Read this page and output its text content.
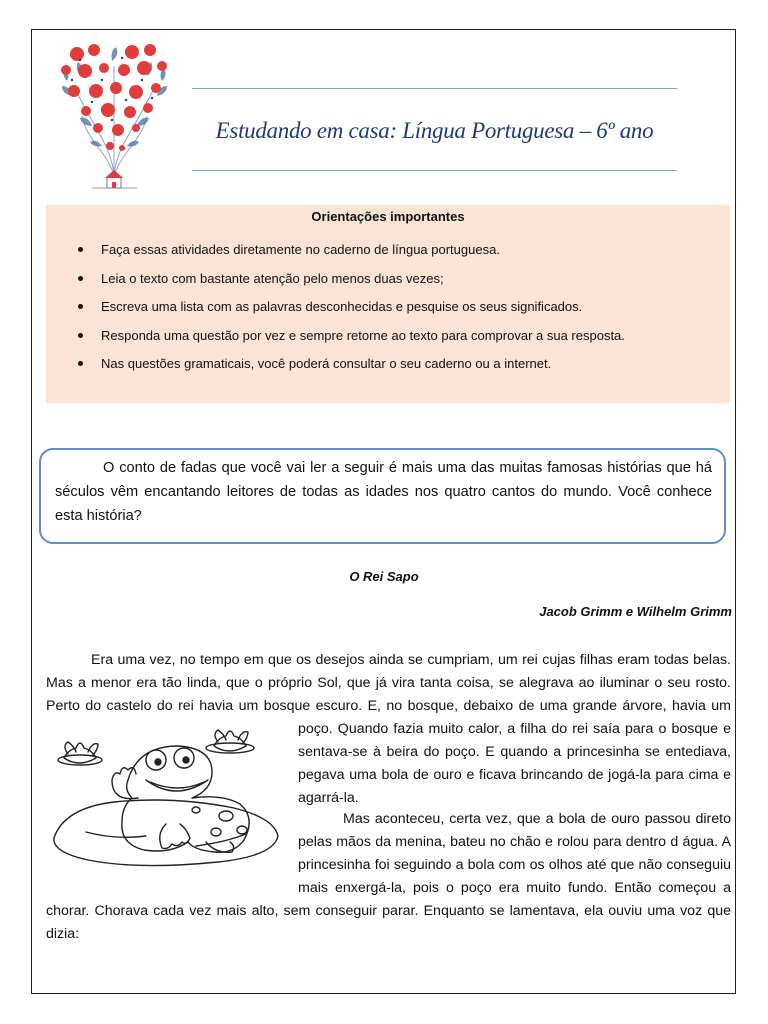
Estudando em casa: Língua Portuguesa – 6º ano
Orientações importantes
Faça essas atividades diretamente no caderno de língua portuguesa.
Leia o texto com bastante atenção pelo menos duas vezes;
Escreva uma lista com as palavras desconhecidas e pesquise os seus significados.
Responda uma questão por vez e sempre retorne ao texto para comprovar a sua resposta.
Nas questões gramaticais, você poderá consultar o seu caderno ou a internet.
O conto de fadas que você vai ler a seguir é mais uma das muitas famosas histórias que há séculos vêm encantando leitores de todas as idades nos quatro cantos do mundo. Você conhece esta história?
O Rei Sapo
Jacob Grimm e Wilhelm Grimm
Era uma vez, no tempo em que os desejos ainda se cumpriam, um rei cujas filhas eram todas belas.
Mas a menor era tão linda, que o próprio Sol, que já vira tanta coisa, se alegrava ao iluminar o seu rosto.
Perto do castelo do rei havia um bosque escuro. E, no bosque, debaixo de uma grande árvore, havia um
poço. Quando fazia muito calor, a filha do rei saía para o bosque e
sentava-se à beira do poço. E quando a princesinha se entediava,
pegava uma bola de ouro e ficava brincando de jogá-la para cima e
agarrá-la.
Mas aconteceu, certa vez, que a bola de ouro passou direto
pelas mãos da menina, bateu no chão e rolou para dentro d água. A
princesinha foi seguindo a bola com os olhos até que não conseguiu
mais enxergá-la, pois o poço era muito fundo. Então começou a
chorar. Chorava cada vez mais alto, sem conseguir parar. Enquanto se lamentava, ela ouviu uma voz que
dizia:
